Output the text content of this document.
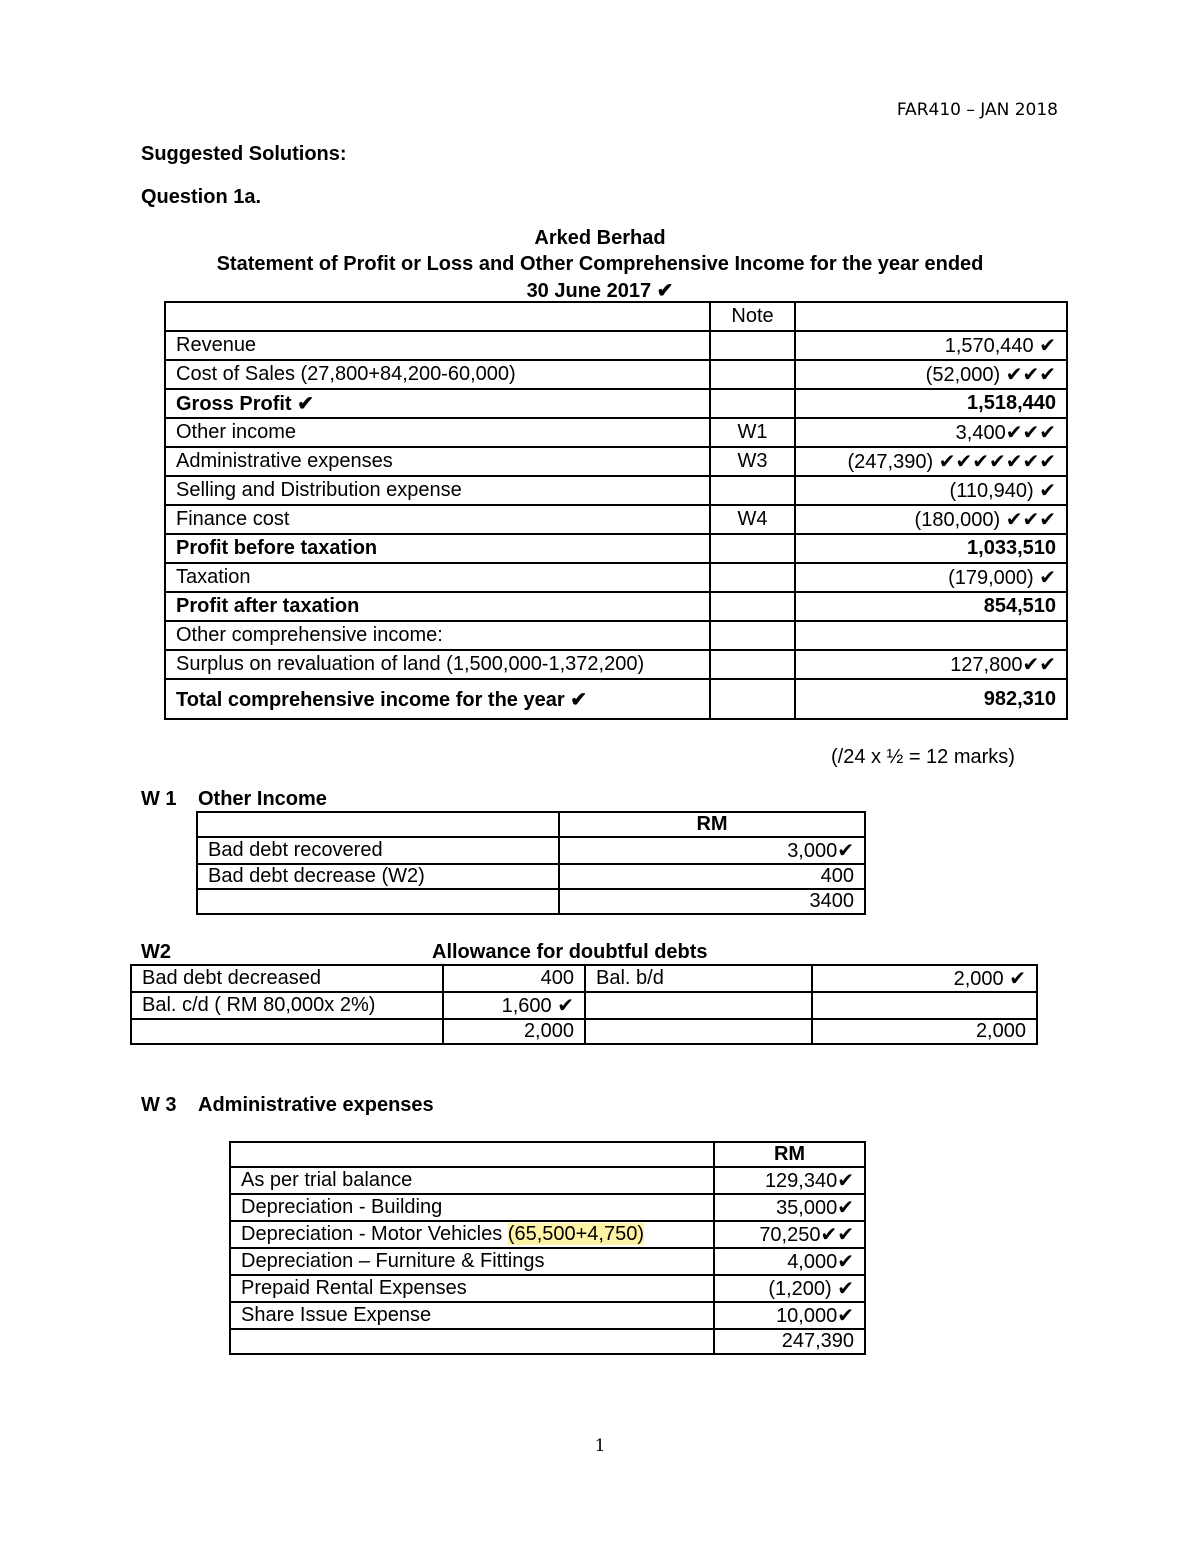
FAR410 – JAN 2018
Suggested Solutions:
Question 1a.
Arked Berhad
Statement of Profit or Loss and Other Comprehensive Income for the year ended
30 June 2017 ✔
	Note	
Revenue		1,570,440 ✔
Cost of Sales (27,800+84,200-60,000)		(52,000) ✔✔✔
Gross Profit ✔		1,518,440
Other income	W1	3,400✔✔✔
Administrative expenses	W3	(247,390) ✔✔✔✔✔✔✔
Selling and Distribution expense		(110,940) ✔
Finance cost	W4	(180,000) ✔✔✔
Profit before taxation		1,033,510
Taxation		(179,000) ✔
Profit after taxation		854,510
Other comprehensive income:		
Surplus on revaluation of land (1,500,000-1,372,200)		127,800✔✔
Total comprehensive income for the year ✔		982,310
(/24 x ½ = 12 marks)
W 1 Other Income
	RM
Bad debt recovered	3,000✔
Bad debt decrease (W2)	400
	3400
W2	Allowance for doubtful debts
Bad debt decreased	400	Bal. b/d	2,000 ✔
Bal. c/d ( RM 80,000x 2%)	1,600 ✔		
	2,000		2,000
W 3 Administrative expenses
	RM
As per trial balance	129,340✔
Depreciation - Building	35,000✔
Depreciation - Motor Vehicles (65,500+4,750)	70,250✔✔
Depreciation – Furniture & Fittings	4,000✔
Prepaid Rental Expenses	(1,200) ✔
Share Issue Expense	10,000✔
	247,390
1
